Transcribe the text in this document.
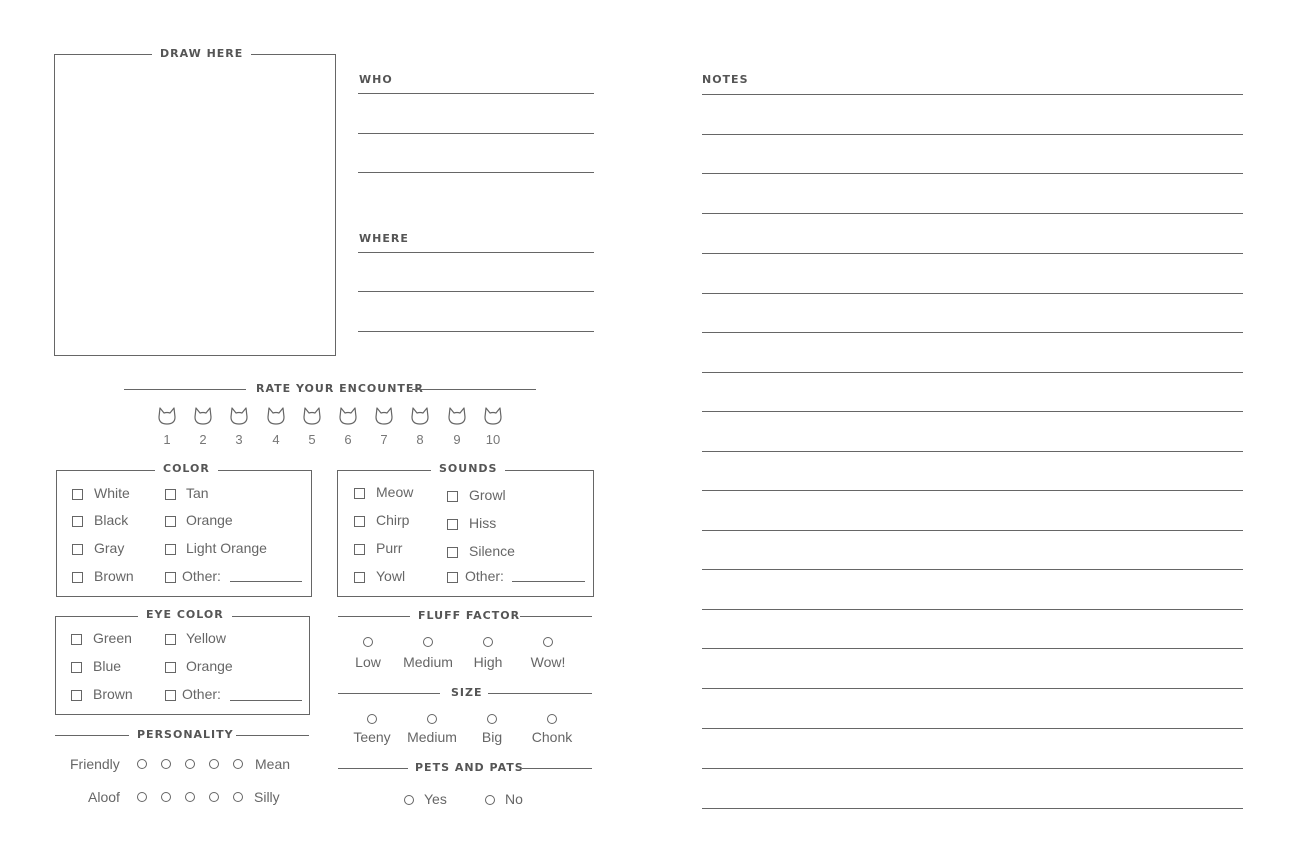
DRAW HERE
WHO
WHERE
NOTES
RATE YOUR ENCOUNTER
COLOR	SOUNDS
EYE COLOR	FLUFF FACTOR
SIZE
PERSONALITY
Friendly	Mean
Aloof	Silly
PETS AND PATS
Yes	No
1	2	3	4	5	6	7	8	9	10
White
Black
Gray
Brown
Tan
Orange
Light Orange
Other:
Meow
Chirp
Purr
Yowl
Growl
Hiss
Silence
Other:
Green
Blue
Brown
Yellow
Orange
Other:
Low	Medium	High	Wow!
Teeny	Medium	Big	Chonk
